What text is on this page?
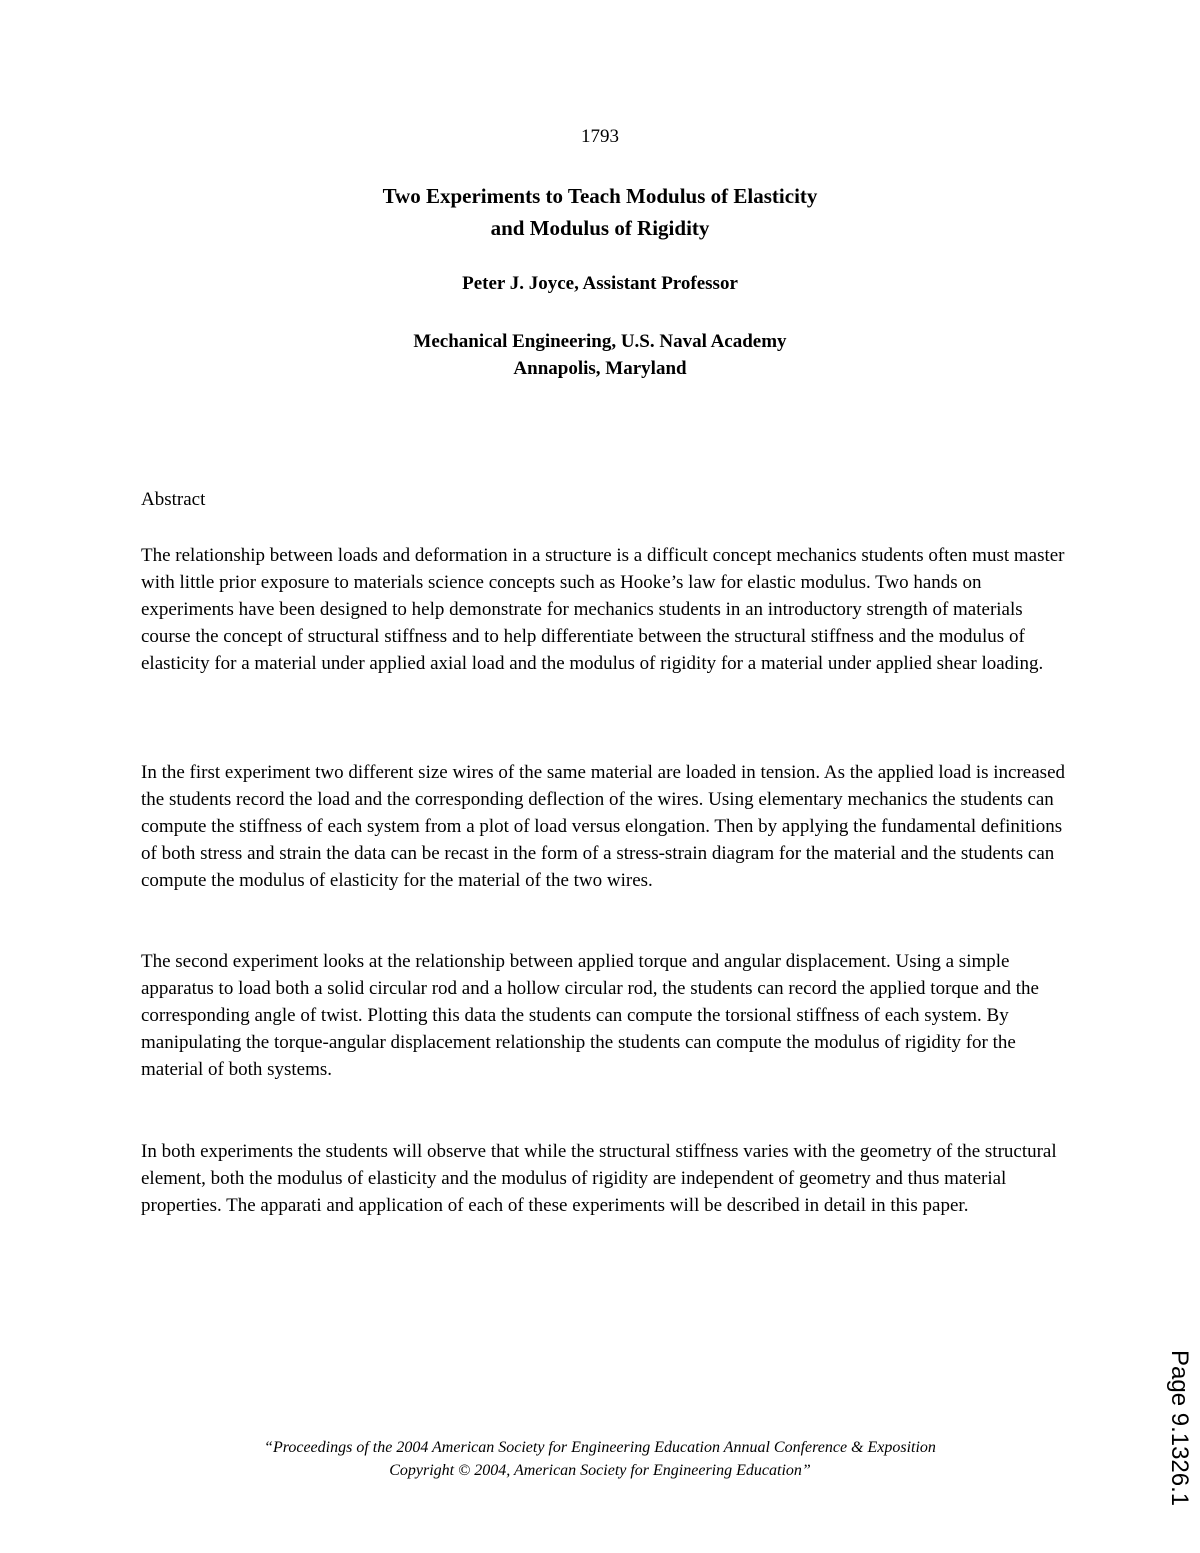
1793
Two Experiments to Teach Modulus of Elasticity
and Modulus of Rigidity
Peter J. Joyce, Assistant Professor
Mechanical Engineering, U.S. Naval Academy
Annapolis, Maryland
Abstract

The relationship between loads and deformation in a structure is a difficult concept mechanics students often must master with little prior exposure to materials science concepts such as Hooke’s law for elastic modulus. Two hands on experiments have been designed to help demonstrate for mechanics students in an introductory strength of materials course the concept of structural stiffness and to help differentiate between the structural stiffness and the modulus of elasticity for a material under applied axial load and the modulus of rigidity for a material under applied shear loading.

In the first experiment two different size wires of the same material are loaded in tension. As the applied load is increased the students record the load and the corresponding deflection of the wires. Using elementary mechanics the students can compute the stiffness of each system from a plot of load versus elongation. Then by applying the fundamental definitions of both stress and strain the data can be recast in the form of a stress-strain diagram for the material and the students can compute the modulus of elasticity for the material of the two wires.

The second experiment looks at the relationship between applied torque and angular displacement. Using a simple apparatus to load both a solid circular rod and a hollow circular rod, the students can record the applied torque and the corresponding angle of twist. Plotting this data the students can compute the torsional stiffness of each system. By manipulating the torque-angular displacement relationship the students can compute the modulus of rigidity for the material of both systems.

In both experiments the students will observe that while the structural stiffness varies with the geometry of the structural element, both the modulus of elasticity and the modulus of rigidity are independent of geometry and thus material properties. The apparati and application of each of these experiments will be described in detail in this paper.

“Proceedings of the 2004 American Society for Engineering Education Annual Conference & Exposition
Copyright © 2004, American Society for Engineering Education”	Page 9.1326.1
